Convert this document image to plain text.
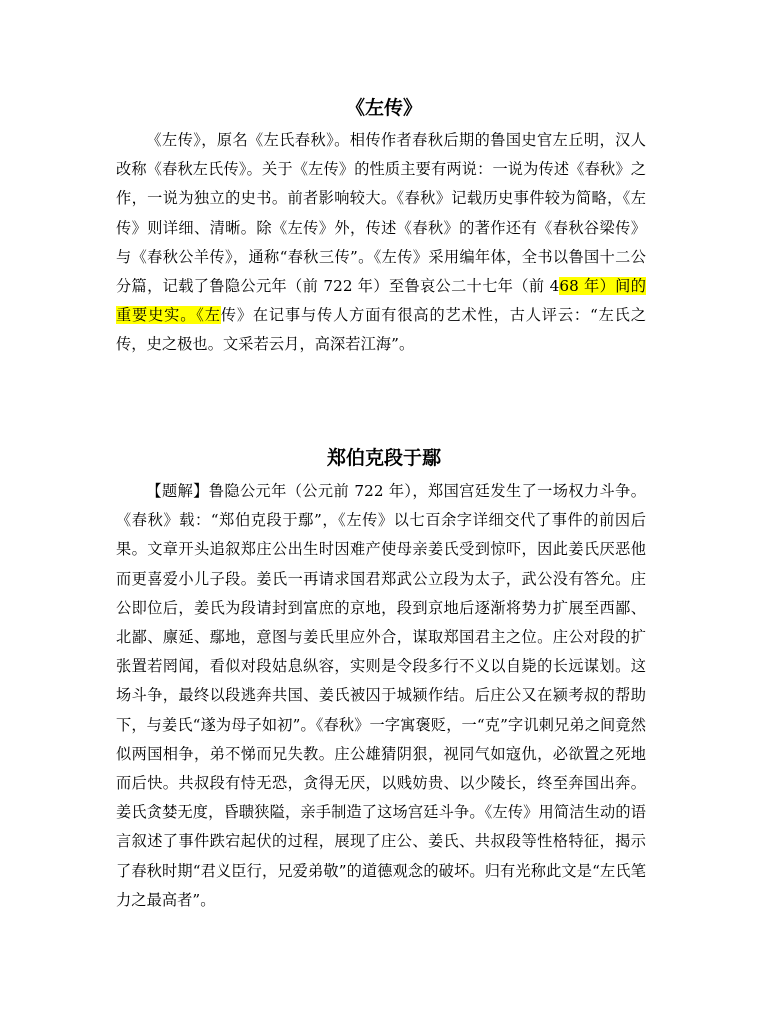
《左传》

《左传》，原名《左氏春秋》。相传作者春秋后期的鲁国史官左丘明，汉人改称《春秋左氏传》。关于《左传》的性质主要有两说：一说为传述《春秋》之作，一说为独立的史书。前者影响较大。《春秋》记载历史事件较为简略，《左传》则详细、清晰。除《左传》外，传述《春秋》的著作还有《春秋谷梁传》与《春秋公羊传》，通称“春秋三传”。《左传》采用编年体，全书以鲁国十二公分篇，记载了鲁隐公元年（前 722 年）至鲁哀公二十七年（前 468 年）间的重要史实。《左传》在记事与传人方面有很高的艺术性，古人评云：“左氏之传，史之极也。文采若云月，高深若江海”。

郑伯克段于鄢

【题解】鲁隐公元年（公元前 722 年），郑国宫廷发生了一场权力斗争。《春秋》载：“郑伯克段于鄢”，《左传》以七百余字详细交代了事件的前因后果。文章开头追叙郑庄公出生时因难产使母亲姜氏受到惊吓，因此姜氏厌恶他而更喜爱小儿子段。姜氏一再请求国君郑武公立段为太子，武公没有答允。庄公即位后，姜氏为段请封到富庶的京地，段到京地后逐渐将势力扩展至西鄙、北鄙、廪延、鄢地，意图与姜氏里应外合，谋取郑国君主之位。庄公对段的扩张置若罔闻，看似对段姑息纵容，实则是令段多行不义以自毙的长远谋划。这场斗争，最终以段逃奔共国、姜氏被囚于城颍作结。后庄公又在颍考叔的帮助下，与姜氏“遂为母子如初”。《春秋》一字寓褒贬，一“克”字讥刺兄弟之间竟然似两国相争，弟不悌而兄失教。庄公雄猜阴狠，视同气如寇仇，必欲置之死地而后快。共叔段有恃无恐，贪得无厌，以贱妨贵、以少陵长，终至奔国出奔。姜氏贪婪无度，昏聩狭隘，亲手制造了这场宫廷斗争。《左传》用简洁生动的语言叙述了事件跌宕起伏的过程，展现了庄公、姜氏、共叔段等性格特征，揭示了春秋时期“君义臣行，兄爱弟敬”的道德观念的破坏。归有光称此文是“左氏笔力之最高者”。
